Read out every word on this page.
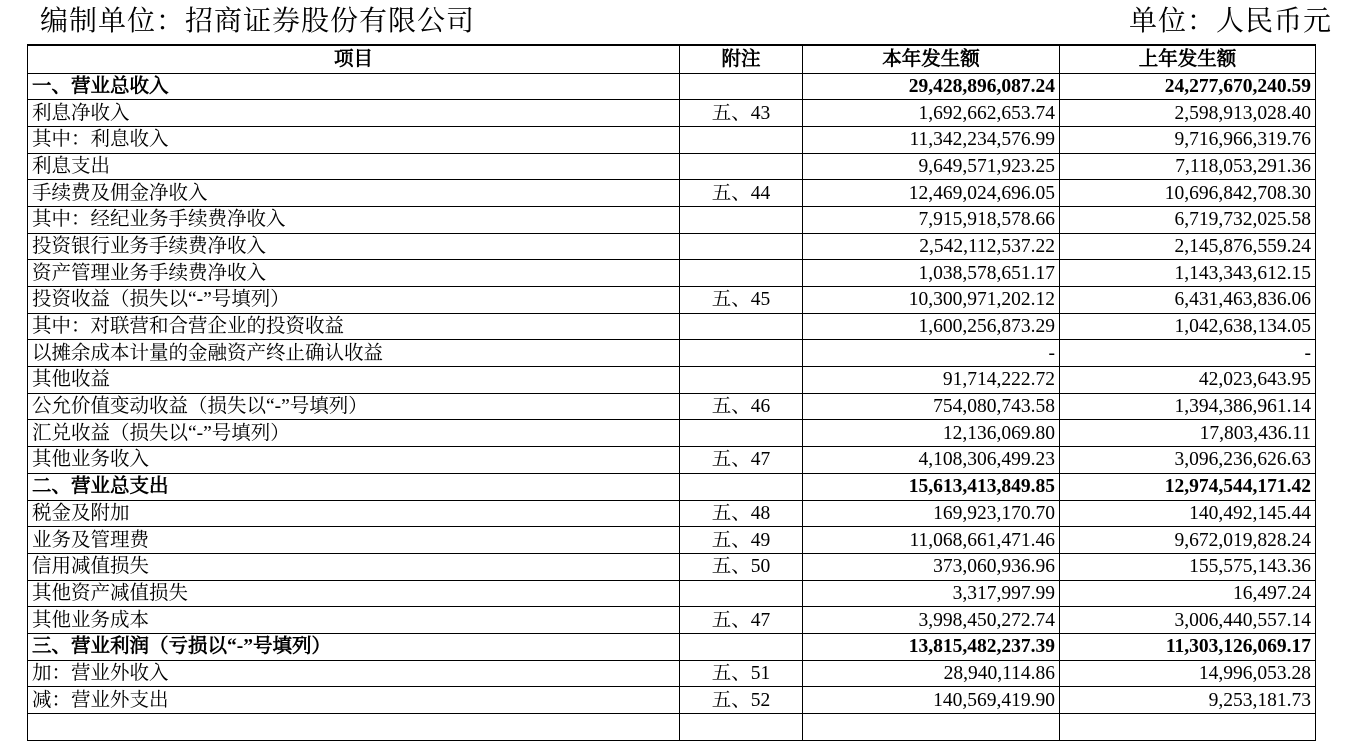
编制单位：招商证券股份有限公司	单位：人民币元
项目	附注	本年发生额	上年发生额
一、营业总收入		29,428,896,087.24	24,277,670,240.59
利息净收入	五、43	1,692,662,653.74	2,598,913,028.40
其中：利息收入		11,342,234,576.99	9,716,966,319.76
利息支出		9,649,571,923.25	7,118,053,291.36
手续费及佣金净收入	五、44	12,469,024,696.05	10,696,842,708.30
其中：经纪业务手续费净收入		7,915,918,578.66	6,719,732,025.58
投资银行业务手续费净收入		2,542,112,537.22	2,145,876,559.24
资产管理业务手续费净收入		1,038,578,651.17	1,143,343,612.15
投资收益（损失以“-”号填列）	五、45	10,300,971,202.12	6,431,463,836.06
其中：对联营和合营企业的投资收益		1,600,256,873.29	1,042,638,134.05
以摊余成本计量的金融资产终止确认收益		-	-
其他收益		91,714,222.72	42,023,643.95
公允价值变动收益（损失以“-”号填列）	五、46	754,080,743.58	1,394,386,961.14
汇兑收益（损失以“-”号填列）		12,136,069.80	17,803,436.11
其他业务收入	五、47	4,108,306,499.23	3,096,236,626.63
二、营业总支出		15,613,413,849.85	12,974,544,171.42
税金及附加	五、48	169,923,170.70	140,492,145.44
业务及管理费	五、49	11,068,661,471.46	9,672,019,828.24
信用减值损失	五、50	373,060,936.96	155,575,143.36
其他资产减值损失		3,317,997.99	16,497.24
其他业务成本	五、47	3,998,450,272.74	3,006,440,557.14
三、营业利润（亏损以“-”号填列）		13,815,482,237.39	11,303,126,069.17
加：营业外收入	五、51	28,940,114.86	14,996,053.28
减：营业外支出	五、52	140,569,419.90	9,253,181.73
